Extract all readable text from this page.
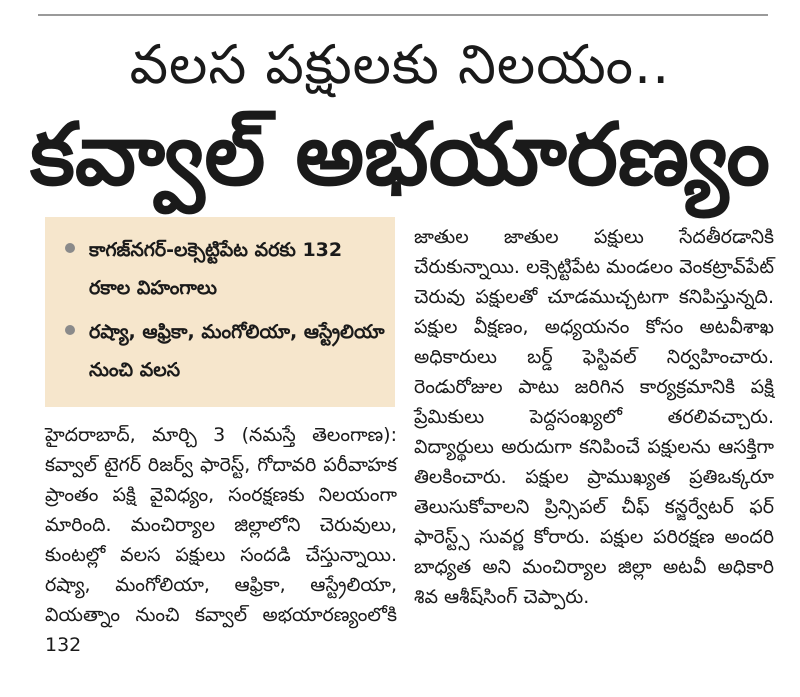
వలస పక్షులకు నిలయం..
కవ్వాల్ అభయారణ్యం
కాగజ్‌నగర్-లక్సెట్టిపేట వరకు 132 రకాల విహంగాలు
రష్యా, ఆఫ్రికా, మంగోలియా, ఆస్ట్రేలియా నుంచి వలస

హైదరాబాద్, మార్చి 3 (నమస్తే తెలంగాణ): కవ్వాల్ టైగర్ రిజర్వ్ ఫారెస్ట్, గోదావరి పరీవాహక ప్రాంతం పక్షి వైవిధ్యం, సంరక్షణకు నిలయంగా మారింది. మంచిర్యాల జిల్లాలోని చెరువులు, కుంటల్లో వలస పక్షులు సందడి చేస్తున్నాయి. రష్యా, మంగోలియా, ఆఫ్రికా, ఆస్ట్రేలియా, వియత్నాం నుంచి కవ్వాల్ అభయారణ్యంలోకి 132

జాతుల జాతుల పక్షులు సేదతీరడానికి చేరుకున్నాయి. లక్సెట్టిపేట మండలం వెంకట్రావ్‌పేట్ చెరువు పక్షులతో చూడముచ్చటగా కనిపిస్తున్నది. పక్షుల వీక్షణం, అధ్యయనం కోసం అటవీశాఖ అధికారులు బర్డ్ ఫెస్టివల్ నిర్వహించారు. రెండురోజుల పాటు జరిగిన కార్యక్రమానికి పక్షి ప్రేమికులు పెద్దసంఖ్యలో తరలివచ్చారు. విద్యార్థులు అరుదుగా కనిపించే పక్షులను ఆసక్తిగా తిలకించారు. పక్షుల ప్రాముఖ్యత ప్రతిఒక్కరూ తెలుసుకోవాలని ప్రిన్సిపల్ చీఫ్ కన్జర్వేటర్ ఫర్ ఫారెస్ట్స్ సువర్ణ కోరారు. పక్షుల పరిరక్షణ అందరి బాధ్యత అని మంచిర్యాల జిల్లా అటవీ అధికారి శివ ఆశీష్‌సింగ్ చెప్పారు.
